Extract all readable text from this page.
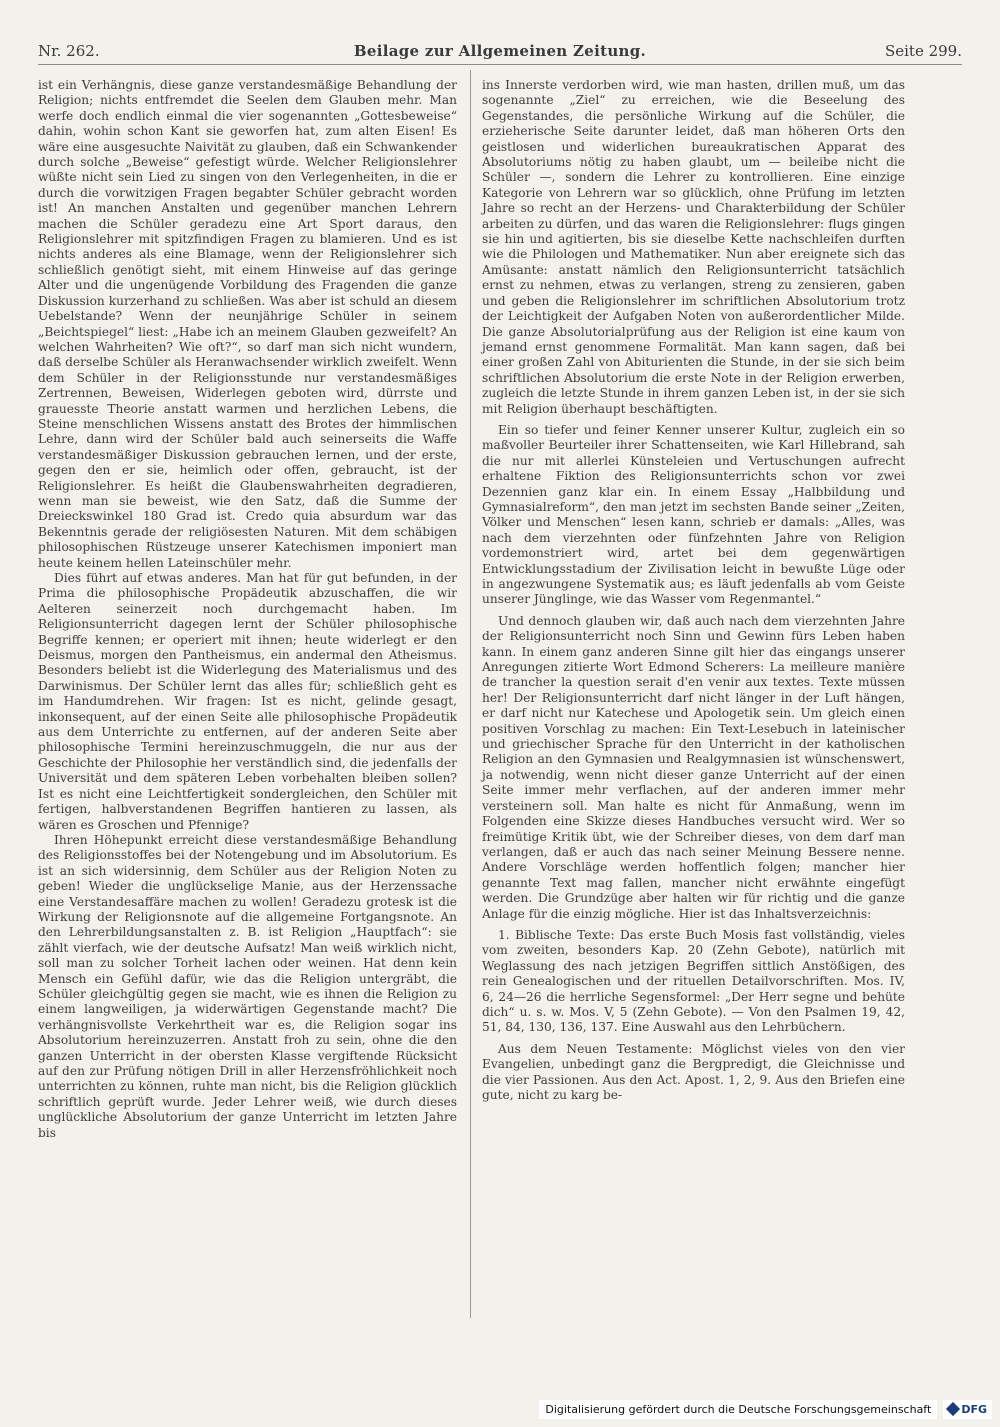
Nr. 262.	Beilage zur Allgemeinen Zeitung.	Seite 299.

ist ein Verhängnis, diese ganze verstandesmäßige Behandlung der Religion; nichts entfremdet die Seelen dem Glauben mehr. Man werfe doch endlich einmal die vier sogenannten „Gottesbeweise“ dahin, wohin schon Kant sie geworfen hat, zum alten Eisen! Es wäre eine ausgesuchte Naivität zu glauben, daß ein Schwankender durch solche „Beweise“ gefestigt würde. Welcher Religionslehrer wüßte nicht sein Lied zu singen von den Verlegenheiten, in die er durch die vorwitzigen Fragen begabter Schüler gebracht worden ist! An manchen Anstalten und gegenüber manchen Lehrern machen die Schüler geradezu eine Art Sport daraus, den Religionslehrer mit spitzfindigen Fragen zu blamieren. Und es ist nichts anderes als eine Blamage, wenn der Religionslehrer sich schließlich genötigt sieht, mit einem Hinweise auf das geringe Alter und die ungenügende Vorbildung des Fragenden die ganze Diskussion kurzerhand zu schließen. Was aber ist schuld an diesem Uebelstande? Wenn der neunjährige Schüler in seinem „Beichtspiegel“ liest: „Habe ich an meinem Glauben gezweifelt? An welchen Wahrheiten? Wie oft?“, so darf man sich nicht wundern, daß derselbe Schüler als Heranwachsender wirklich zweifelt. Wenn dem Schüler in der Religionsstunde nur verstandesmäßiges Zertrennen, Beweisen, Widerlegen geboten wird, dürrste und grauesste Theorie anstatt warmen und herzlichen Lebens, die Steine menschlichen Wissens anstatt des Brotes der himmlischen Lehre, dann wird der Schüler bald auch seinerseits die Waffe verstandesmäßiger Diskussion gebrauchen lernen, und der erste, gegen den er sie, heimlich oder offen, gebraucht, ist der Religionslehrer. Es heißt die Glaubenswahrheiten degradieren, wenn man sie beweist, wie den Satz, daß die Summe der Dreieckswinkel 180 Grad ist. Credo quia absurdum war das Bekenntnis gerade der religiösesten Naturen. Mit dem schäbigen philosophischen Rüstzeuge unserer Katechismen imponiert man heute keinem hellen Lateinschüler mehr.

Dies führt auf etwas anderes. Man hat für gut befunden, in der Prima die philosophische Propädeutik abzuschaffen, die wir Aelteren seinerzeit noch durchgemacht haben. Im Religionsunterricht dagegen lernt der Schüler philosophische Begriffe kennen; er operiert mit ihnen; heute widerlegt er den Deismus, morgen den Pantheismus, ein andermal den Atheismus. Besonders beliebt ist die Widerlegung des Materialismus und des Darwinismus. Der Schüler lernt das alles für; schließlich geht es im Handumdrehen. Wir fragen: Ist es nicht, gelinde gesagt, inkonsequent, auf der einen Seite alle philosophische Propädeutik aus dem Unterrichte zu entfernen, auf der anderen Seite aber philosophische Termini hereinzuschmuggeln, die nur aus der Geschichte der Philosophie her verständlich sind, die jedenfalls der Universität und dem späteren Leben vorbehalten bleiben sollen? Ist es nicht eine Leichtfertigkeit sondergleichen, den Schüler mit fertigen, halbverstandenen Begriffen hantieren zu lassen, als wären es Groschen und Pfennige?

Ihren Höhepunkt erreicht diese verstandesmäßige Behandlung des Religionsstoffes bei der Notengebung und im Absolutorium. Es ist an sich widersinnig, dem Schüler aus der Religion Noten zu geben! Wieder die unglückselige Manie, aus der Herzenssache eine Verstandesaffäre machen zu wollen! Geradezu grotesk ist die Wirkung der Religionsnote auf die allgemeine Fortgangsnote. An den Lehrerbildungsanstalten z. B. ist Religion „Hauptfach“: sie zählt vierfach, wie der deutsche Aufsatz! Man weiß wirklich nicht, soll man zu solcher Torheit lachen oder weinen. Hat denn kein Mensch ein Gefühl dafür, wie das die Religion untergräbt, die Schüler gleichgültig gegen sie macht, wie es ihnen die Religion zu einem langweiligen, ja widerwärtigen Gegenstande macht? Die verhängnisvollste Verkehrtheit war es, die Religion sogar ins Absolutorium hereinzuzerren. Anstatt froh zu sein, ohne die den ganzen Unterricht in der obersten Klasse vergiftende Rücksicht auf den zur Prüfung nötigen Drill in aller Herzensfröhlichkeit noch unterrichten zu können, ruhte man nicht, bis die Religion glücklich schriftlich geprüft wurde. Jeder Lehrer weiß, wie durch dieses unglückliche Absolutorium der ganze Unterricht im letzten Jahre bis

ins Innerste verdorben wird, wie man hasten, drillen muß, um das sogenannte „Ziel“ zu erreichen, wie die Beseelung des Gegenstandes, die persönliche Wirkung auf die Schüler, die erzieherische Seite darunter leidet, daß man höheren Orts den geistlosen und widerlichen bureaukratischen Apparat des Absolutoriums nötig zu haben glaubt, um — beileibe nicht die Schüler —, sondern die Lehrer zu kontrollieren. Eine einzige Kategorie von Lehrern war so glücklich, ohne Prüfung im letzten Jahre so recht an der Herzens- und Charakterbildung der Schüler arbeiten zu dürfen, und das waren die Religionslehrer: flugs gingen sie hin und agitierten, bis sie dieselbe Kette nachschleifen durften wie die Philologen und Mathematiker. Nun aber ereignete sich das Amüsante: anstatt nämlich den Religionsunterricht tatsächlich ernst zu nehmen, etwas zu verlangen, streng zu zensieren, gaben und geben die Religionslehrer im schriftlichen Absolutorium trotz der Leichtigkeit der Aufgaben Noten von außerordentlicher Milde. Die ganze Absolutorialprüfung aus der Religion ist eine kaum von jemand ernst genommene Formalität. Man kann sagen, daß bei einer großen Zahl von Abiturienten die Stunde, in der sie sich beim schriftlichen Absolutorium die erste Note in der Religion erwerben, zugleich die letzte Stunde in ihrem ganzen Leben ist, in der sie sich mit Religion überhaupt beschäftigten.

Ein so tiefer und feiner Kenner unserer Kultur, zugleich ein so maßvoller Beurteiler ihrer Schattenseiten, wie Karl Hillebrand, sah die nur mit allerlei Künsteleien und Vertuschungen aufrecht erhaltene Fiktion des Religionsunterrichts schon vor zwei Dezennien ganz klar ein. In einem Essay „Halbbildung und Gymnasialreform“, den man jetzt im sechsten Bande seiner „Zeiten, Völker und Menschen“ lesen kann, schrieb er damals: „Alles, was nach dem vierzehnten oder fünfzehnten Jahre von Religion vordemonstriert wird, artet bei dem gegenwärtigen Entwicklungsstadium der Zivilisation leicht in bewußte Lüge oder in angezwungene Systematik aus; es läuft jedenfalls ab vom Geiste unserer Jünglinge, wie das Wasser vom Regenmantel.“

Und dennoch glauben wir, daß auch nach dem vierzehnten Jahre der Religionsunterricht noch Sinn und Gewinn fürs Leben haben kann. In einem ganz anderen Sinne gilt hier das eingangs unserer Anregungen zitierte Wort Edmond Scherers: La meilleure manière de trancher la question serait d'en venir aux textes. Texte müssen her! Der Religionsunterricht darf nicht länger in der Luft hängen, er darf nicht nur Katechese und Apologetik sein. Um gleich einen positiven Vorschlag zu machen: Ein Text-Lesebuch in lateinischer und griechischer Sprache für den Unterricht in der katholischen Religion an den Gymnasien und Realgymnasien ist wünschenswert, ja notwendig, wenn nicht dieser ganze Unterricht auf der einen Seite immer mehr verflachen, auf der anderen immer mehr versteinern soll. Man halte es nicht für Anmaßung, wenn im Folgenden eine Skizze dieses Handbuches versucht wird. Wer so freimütige Kritik übt, wie der Schreiber dieses, von dem darf man verlangen, daß er auch das nach seiner Meinung Bessere nenne. Andere Vorschläge werden hoffentlich folgen; mancher hier genannte Text mag fallen, mancher nicht erwähnte eingefügt werden. Die Grundzüge aber halten wir für richtig und die ganze Anlage für die einzig mögliche. Hier ist das Inhaltsverzeichnis:

1. Biblische Texte: Das erste Buch Mosis fast vollständig, vieles vom zweiten, besonders Kap. 20 (Zehn Gebote), natürlich mit Weglassung des nach jetzigen Begriffen sittlich Anstößigen, des rein Genealogischen und der rituellen Detailvorschriften. Mos. IV, 6, 24—26 die herrliche Segensformel: „Der Herr segne und behüte dich“ u. s. w. Mos. V, 5 (Zehn Gebote). — Von den Psalmen 19, 42, 51, 84, 130, 136, 137. Eine Auswahl aus den Lehrbüchern.

Aus dem Neuen Testamente: Möglichst vieles von den vier Evangelien, unbedingt ganz die Bergpredigt, die Gleichnisse und die vier Passionen. Aus den Act. Apost. 1, 2, 9. Aus den Briefen eine gute, nicht zu karg be-

Digitalisierung gefördert durch die Deutsche Forschungsgemeinschaft	DFG
